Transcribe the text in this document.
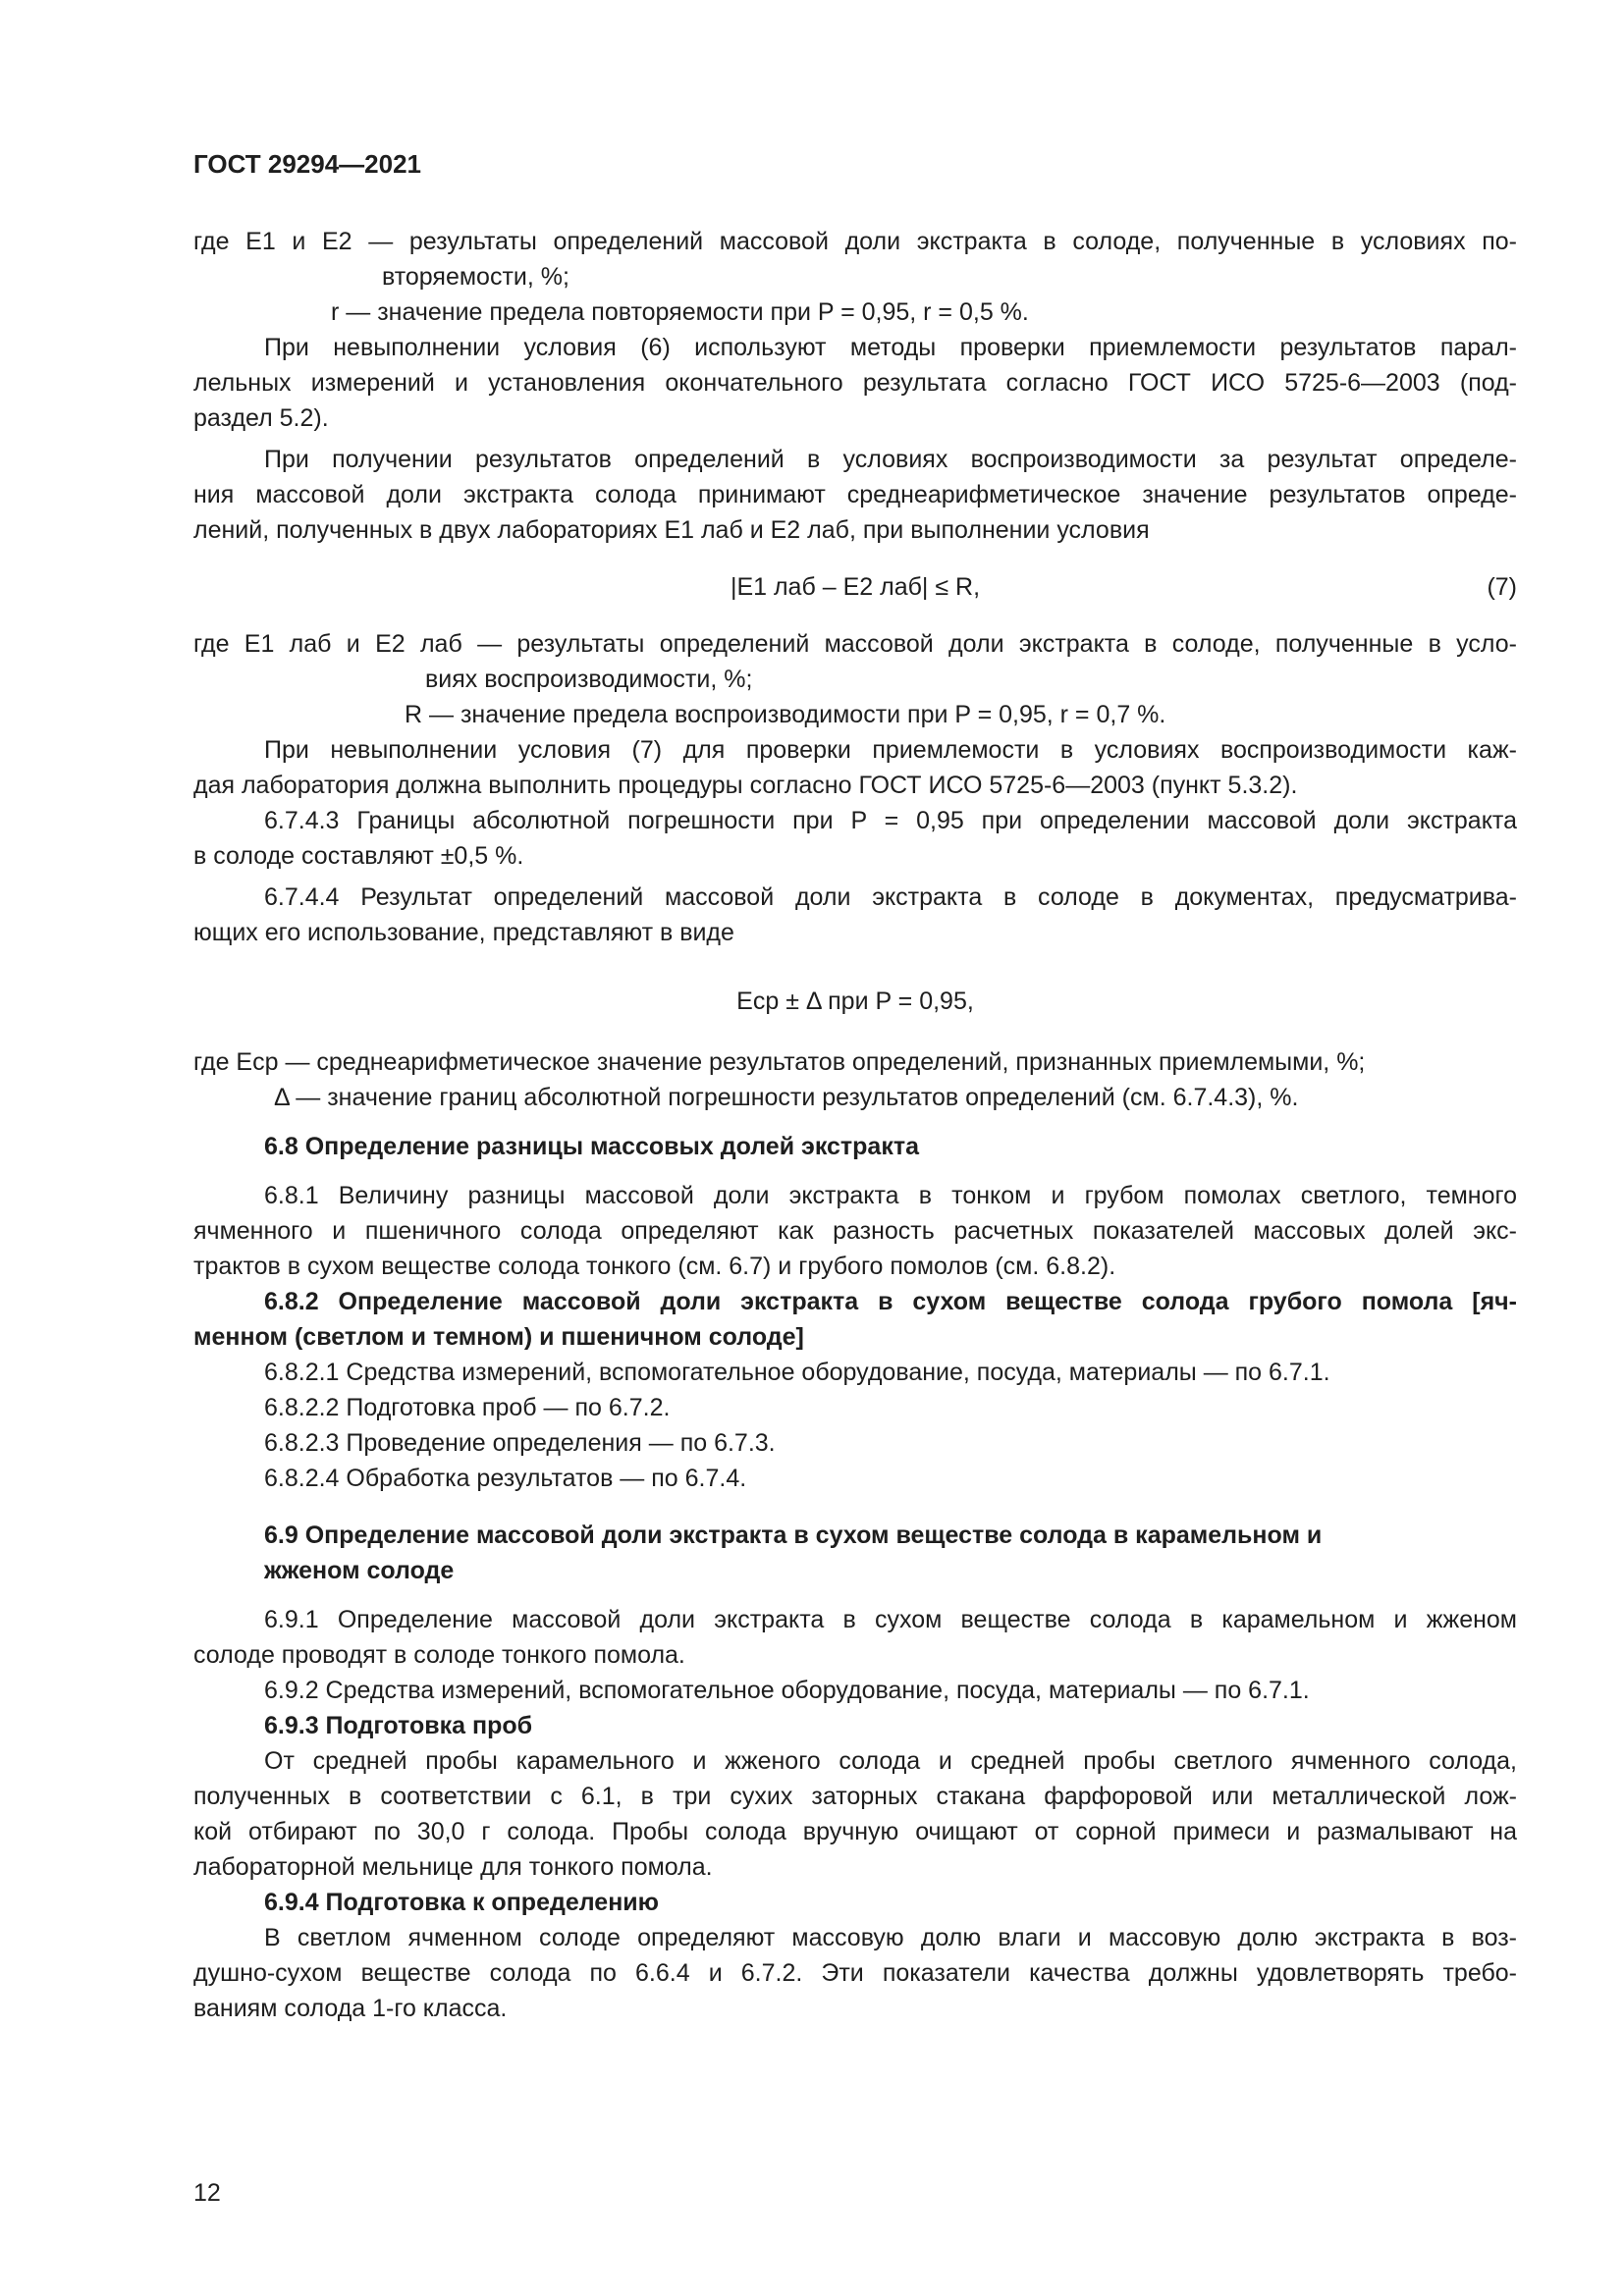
ГОСТ 29294—2021
где E1 и E2 — результаты определений массовой доли экстракта в солоде, полученные в условиях по-
вторяемости, %;
r — значение предела повторяемости при P = 0,95, r = 0,5 %.
При невыполнении условия (6) используют методы проверки приемлемости результатов парал-
лельных измерений и установления окончательного результата согласно ГОСТ ИСО 5725-6—2003 (под-
раздел 5.2).
При получении результатов определений в условиях воспроизводимости за результат определе-
ния массовой доли экстракта солода принимают среднеарифметическое значение результатов опреде-
лений, полученных в двух лабораториях E1 лаб и E2 лаб, при выполнении условия
|E1 лаб – E2 лаб| ≤ R,	(7)
где E1 лаб и E2 лаб — результаты определений массовой доли экстракта в солоде, полученные в усло-
виях воспроизводимости, %;
R — значение предела воспроизводимости при P = 0,95, r = 0,7 %.
При невыполнении условия (7) для проверки приемлемости в условиях воспроизводимости каж-
дая лаборатория должна выполнить процедуры согласно ГОСТ ИСО 5725-6—2003 (пункт 5.3.2).
6.7.4.3 Границы абсолютной погрешности при P = 0,95 при определении массовой доли экстракта
в солоде составляют ±0,5 %.
6.7.4.4 Результат определений массовой доли экстракта в солоде в документах, предусматрива-
ющих его использование, представляют в виде
Eср ± Δ при P = 0,95,
где Eср — среднеарифметическое значение результатов определений, признанных приемлемыми, %;
Δ — значение границ абсолютной погрешности результатов определений (см. 6.7.4.3), %.
6.8 Определение разницы массовых долей экстракта
6.8.1 Величину разницы массовой доли экстракта в тонком и грубом помолах светлого, темного
ячменного и пшеничного солода определяют как разность расчетных показателей массовых долей экс-
трактов в сухом веществе солода тонкого (см. 6.7) и грубого помолов (см. 6.8.2).
6.8.2 Определение массовой доли экстракта в сухом веществе солода грубого помола [яч-
менном (светлом и темном) и пшеничном солоде]
6.8.2.1 Средства измерений, вспомогательное оборудование, посуда, материалы — по 6.7.1.
6.8.2.2 Подготовка проб — по 6.7.2.
6.8.2.3 Проведение определения — по 6.7.3.
6.8.2.4 Обработка результатов — по 6.7.4.
6.9 Определение массовой доли экстракта в сухом веществе солода в карамельном и
жженом солоде
6.9.1 Определение массовой доли экстракта в сухом веществе солода в карамельном и жженом
солоде проводят в солоде тонкого помола.
6.9.2 Средства измерений, вспомогательное оборудование, посуда, материалы — по 6.7.1.
6.9.3 Подготовка проб
От средней пробы карамельного и жженого солода и средней пробы светлого ячменного солода,
полученных в соответствии с 6.1, в три сухих заторных стакана фарфоровой или металлической лож-
кой отбирают по 30,0 г солода. Пробы солода вручную очищают от сорной примеси и размалывают на
лабораторной мельнице для тонкого помола.
6.9.4 Подготовка к определению
В светлом ячменном солоде определяют массовую долю влаги и массовую долю экстракта в воз-
душно-сухом веществе солода по 6.6.4 и 6.7.2. Эти показатели качества должны удовлетворять требо-
ваниям солода 1-го класса.
12
